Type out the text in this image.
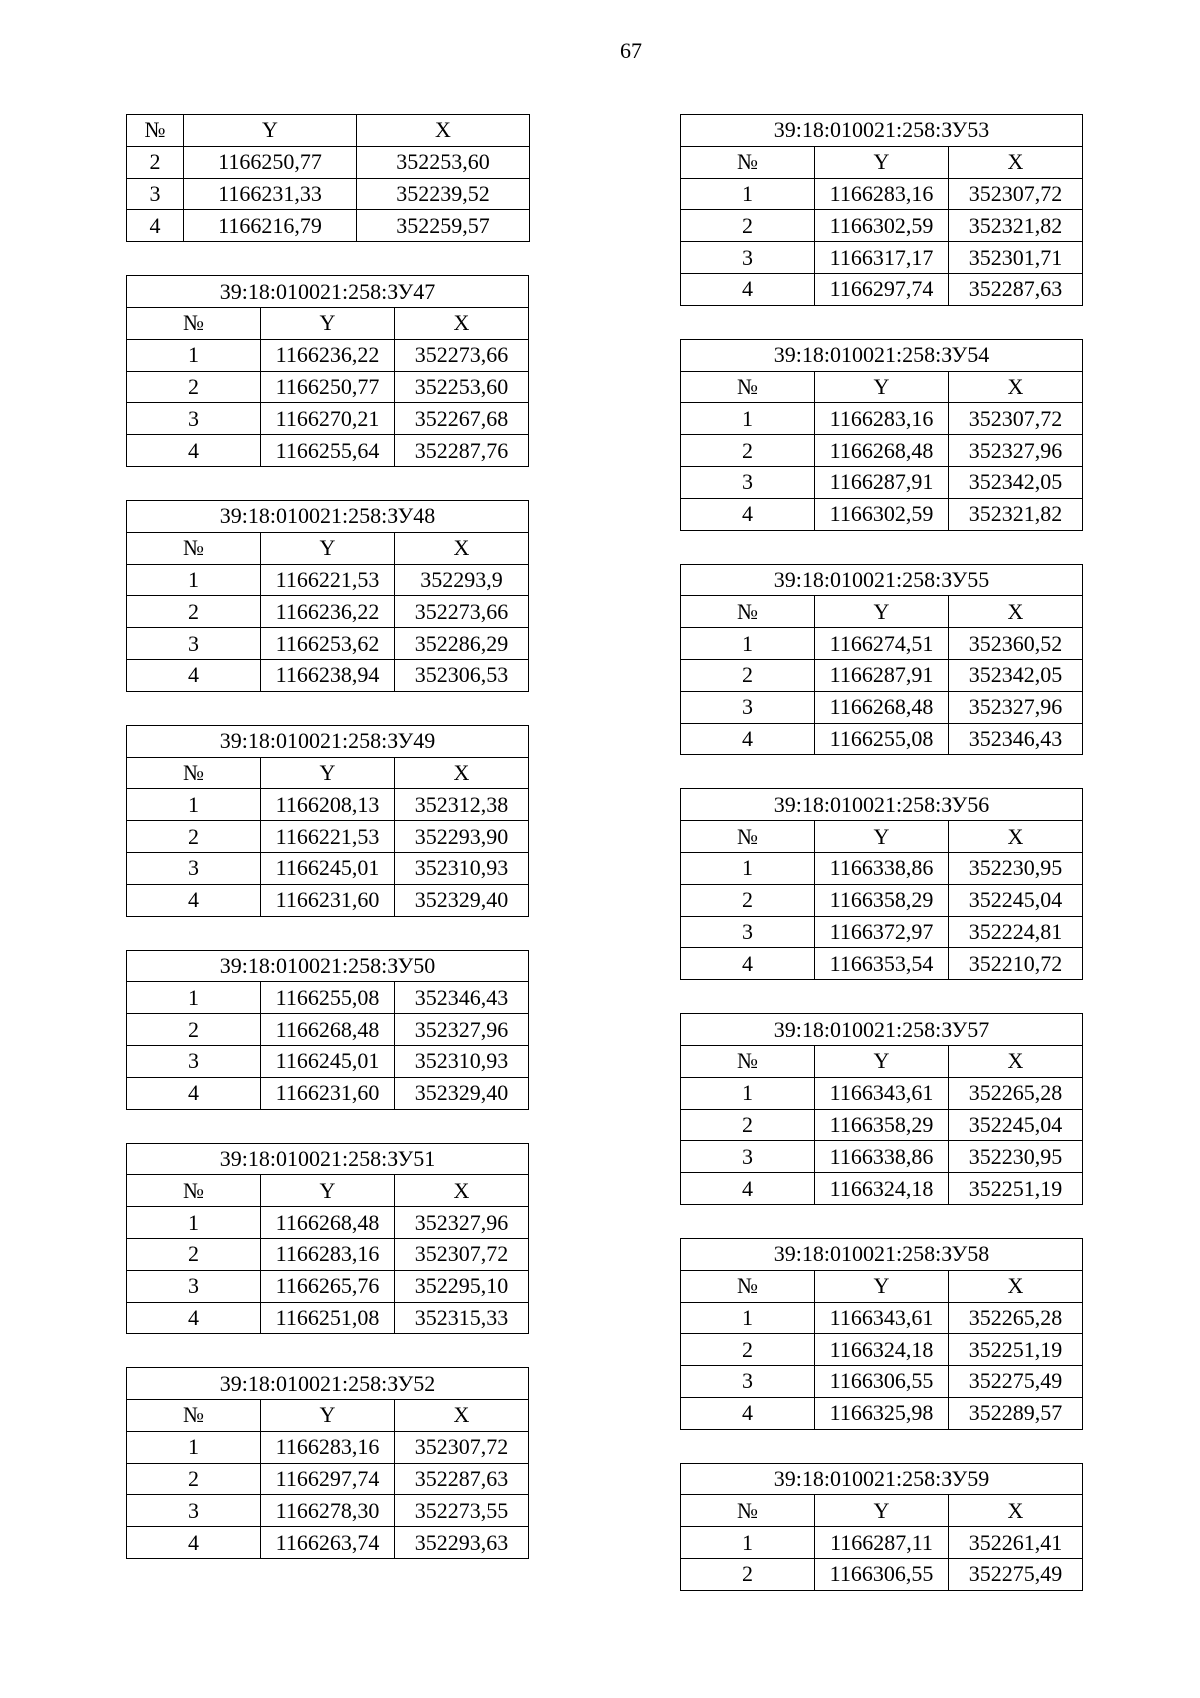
67
№	Y	X
2	1166250,77	352253,60
3	1166231,33	352239,52
4	1166216,79	352259,57
39:18:010021:258:ЗУ47		
№	Y	X
1	1166236,22	352273,66
2	1166250,77	352253,60
3	1166270,21	352267,68
4	1166255,64	352287,76
39:18:010021:258:ЗУ48		
№	Y	X
1	1166221,53	352293,9
2	1166236,22	352273,66
3	1166253,62	352286,29
4	1166238,94	352306,53
39:18:010021:258:ЗУ49		
№	Y	X
1	1166208,13	352312,38
2	1166221,53	352293,90
3	1166245,01	352310,93
4	1166231,60	352329,40
39:18:010021:258:ЗУ50		
1	1166255,08	352346,43
2	1166268,48	352327,96
3	1166245,01	352310,93
4	1166231,60	352329,40
39:18:010021:258:ЗУ51		
№	Y	X
1	1166268,48	352327,96
2	1166283,16	352307,72
3	1166265,76	352295,10
4	1166251,08	352315,33
39:18:010021:258:ЗУ52		
№	Y	X
1	1166283,16	352307,72
2	1166297,74	352287,63
3	1166278,30	352273,55
4	1166263,74	352293,63
39:18:010021:258:ЗУ53		
№	Y	X
1	1166283,16	352307,72
2	1166302,59	352321,82
3	1166317,17	352301,71
4	1166297,74	352287,63
39:18:010021:258:ЗУ54		
№	Y	X
1	1166283,16	352307,72
2	1166268,48	352327,96
3	1166287,91	352342,05
4	1166302,59	352321,82
39:18:010021:258:ЗУ55		
№	Y	X
1	1166274,51	352360,52
2	1166287,91	352342,05
3	1166268,48	352327,96
4	1166255,08	352346,43
39:18:010021:258:ЗУ56		
№	Y	X
1	1166338,86	352230,95
2	1166358,29	352245,04
3	1166372,97	352224,81
4	1166353,54	352210,72
39:18:010021:258:ЗУ57		
№	Y	X
1	1166343,61	352265,28
2	1166358,29	352245,04
3	1166338,86	352230,95
4	1166324,18	352251,19
39:18:010021:258:ЗУ58		
№	Y	X
1	1166343,61	352265,28
2	1166324,18	352251,19
3	1166306,55	352275,49
4	1166325,98	352289,57
39:18:010021:258:ЗУ59		
№	Y	X
1	1166287,11	352261,41
2	1166306,55	352275,49
